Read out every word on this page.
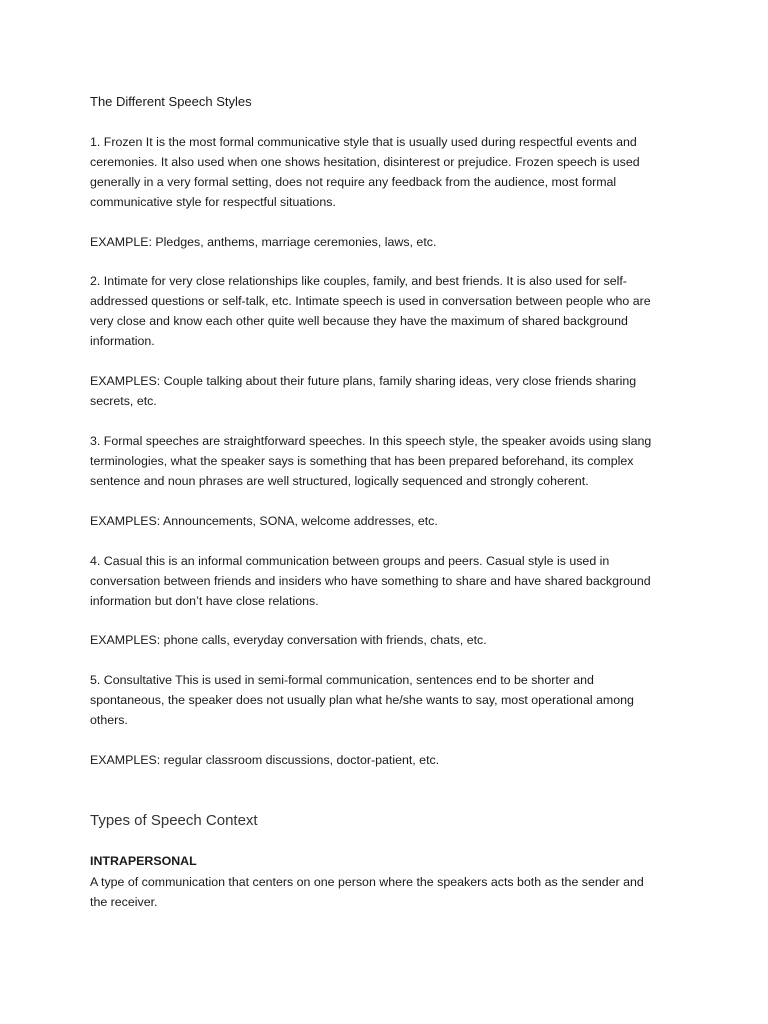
The Different Speech Styles
1. Frozen It is the most formal communicative style that is usually used during respectful events and
ceremonies. It also used when one shows hesitation, disinterest or prejudice. Frozen speech is used
generally in a very formal setting, does not require any feedback from the audience, most formal
communicative style for respectful situations.
EXAMPLE: Pledges, anthems, marriage ceremonies, laws, etc.
2. Intimate for very close relationships like couples, family, and best friends. It is also used for self-
addressed questions or self-talk, etc. Intimate speech is used in conversation between people who are
very close and know each other quite well because they have the maximum of shared background
information.
EXAMPLES: Couple talking about their future plans, family sharing ideas, very close friends sharing
secrets, etc.
3. Formal speeches are straightforward speeches. In this speech style, the speaker avoids using slang
terminologies, what the speaker says is something that has been prepared beforehand, its complex
sentence and noun phrases are well structured, logically sequenced and strongly coherent.
EXAMPLES: Announcements, SONA, welcome addresses, etc.
4. Casual this is an informal communication between groups and peers. Casual style is used in
conversation between friends and insiders who have something to share and have shared background
information but don’t have close relations.
EXAMPLES: phone calls, everyday conversation with friends, chats, etc.
5. Consultative This is used in semi-formal communication, sentences end to be shorter and
spontaneous, the speaker does not usually plan what he/she wants to say, most operational among
others.
EXAMPLES: regular classroom discussions, doctor-patient, etc.
Types of Speech Context
INTRAPERSONAL
A type of communication that centers on one person where the speakers acts both as the sender and
the receiver.
